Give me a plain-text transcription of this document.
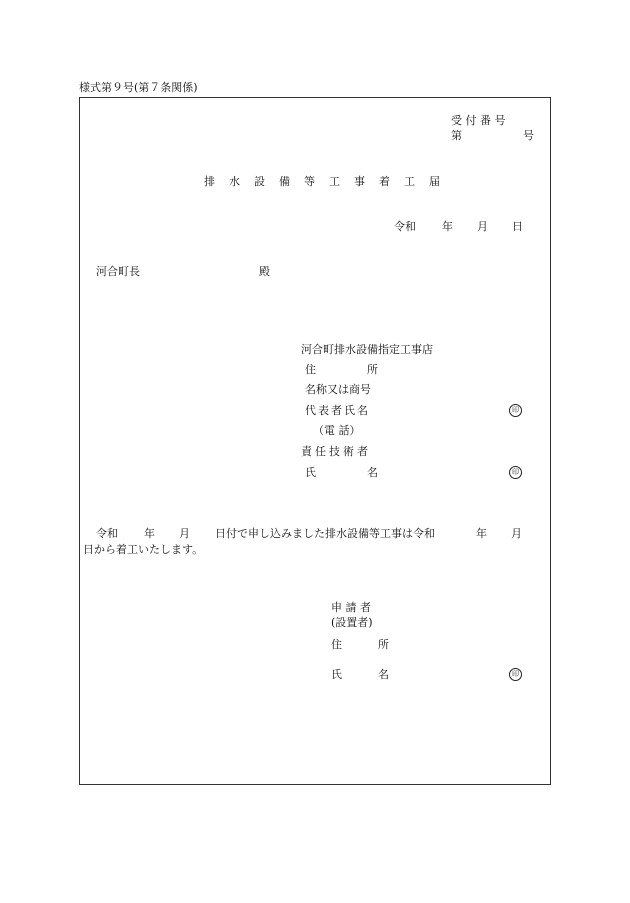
様式第９号(第７条関係)
受 付 番 号
第	号
排水設備等工事着工届
令和 年 月 日
河合町長	殿
河合町排水設備指定工事店
住	所
名称又は商号
代表者氏名	印
（電 話）
責任技術者
氏	名	印
令和 年 月 日付で申し込みました排水設備等工事は令和	年 月
日から着工いたします。
申 請 者
(設置者)
住	所
氏	名	印
